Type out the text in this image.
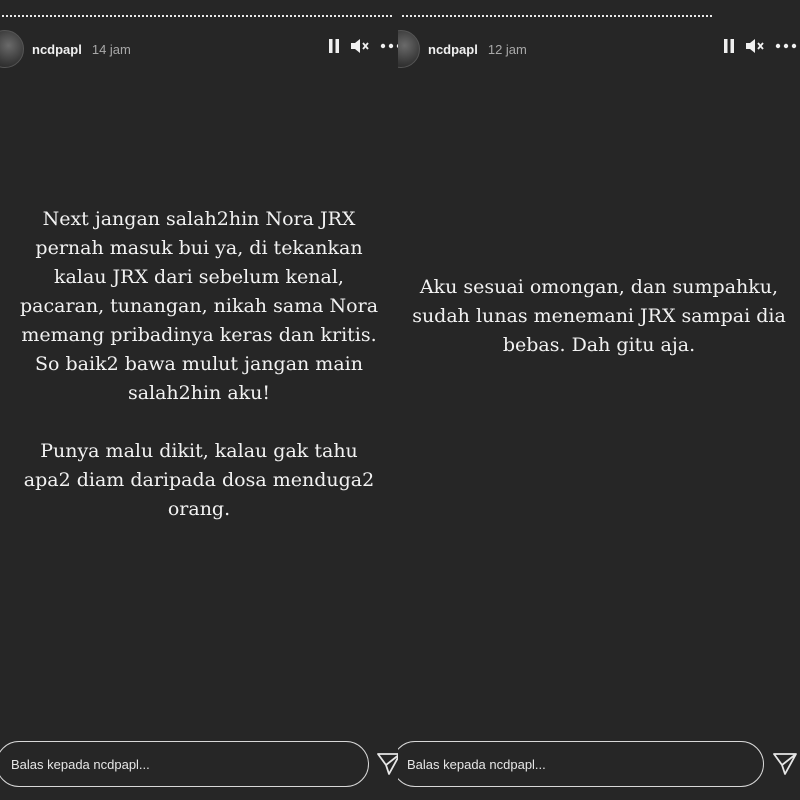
ncdpapl 14 jam

Next jangan salah2hin Nora JRX
pernah masuk bui ya, di tekankan
kalau JRX dari sebelum kenal,
pacaran, tunangan, nikah sama Nora
memang pribadinya keras dan kritis.
So baik2 bawa mulut jangan main
salah2hin aku!

Punya malu dikit, kalau gak tahu
apa2 diam daripada dosa menduga2
orang.

Balas kepada ncdpapl...
ncdpapl 12 jam

Aku sesuai omongan, dan sumpahku,
sudah lunas menemani JRX sampai dia
bebas. Dah gitu aja.

Balas kepada ncdpapl...
